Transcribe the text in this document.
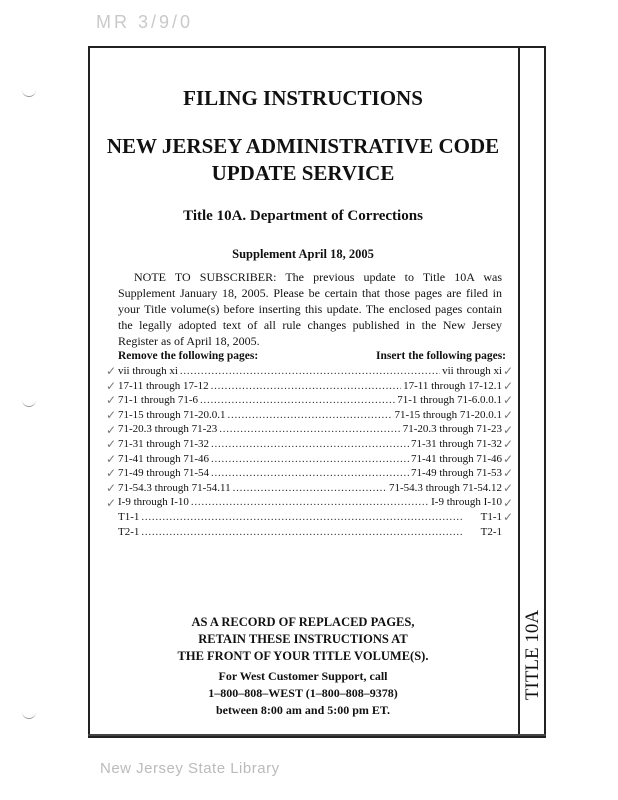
MR 3/9/0
TITLE 10A
FILING INSTRUCTIONS
NEW JERSEY ADMINISTRATIVE CODE
UPDATE SERVICE
Title 10A. Department of Corrections
Supplement April 18, 2005
NOTE TO SUBSCRIBER: The previous update to Title 10A was Supplement January 18, 2005. Please be certain that those pages are filed in your Title volume(s) before inserting this update. The enclosed pages contain the legally adopted text of all rule changes published in the New Jersey Register as of April 18, 2005.
Remove the following pages:	Insert the following pages:
vii through xi . . .	vii through xi
17-11 through 17-12 . . .	17-11 through 17-12.1
71-1 through 71-6 . . .	71-1 through 71-6.0.0.1
71-15 through 71-20.0.1 . . .	71-15 through 71-20.0.1
71-20.3 through 71-23 . . .	71-20.3 through 71-23
71-31 through 71-32 . . .	71-31 through 71-32
71-41 through 71-46 . . .	71-41 through 71-46
71-49 through 71-54 . . .	71-49 through 71-53
71-54.3 through 71-54.11 . . .	71-54.3 through 71-54.12
I-9 through I-10 . . .	I-9 through I-10
T1-1 . . .	T1-1
T2-1 . . .	T2-1
✓
✓
✓
✓
✓
✓
✓
✓
✓
✓
✓
✓
✓
✓
✓
✓
✓
✓
✓
✓
✓
AS A RECORD OF REPLACED PAGES,
RETAIN THESE INSTRUCTIONS AT
THE FRONT OF YOUR TITLE VOLUME(S).
For West Customer Support, call
1–800–808–WEST (1–800–808–9378)
between 8:00 am and 5:00 pm ET.
New Jersey State Library
